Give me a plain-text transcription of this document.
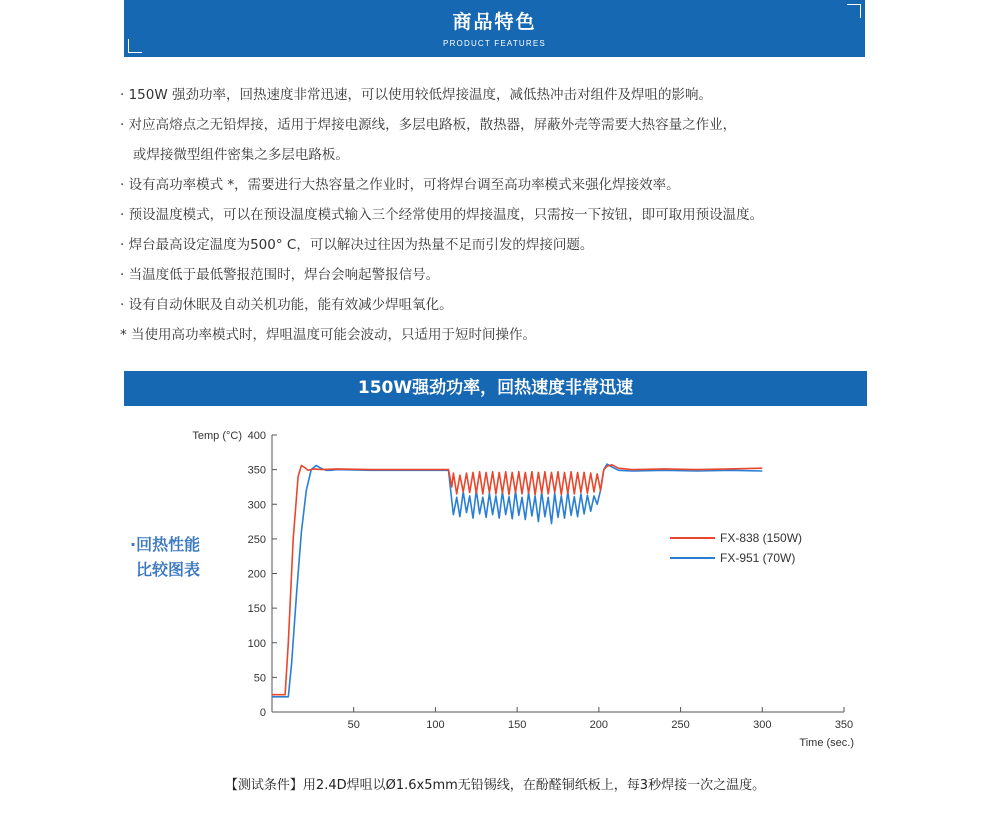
商品特色
PRODUCT FEATURES
· 150W 强劲功率，回热速度非常迅速，可以使用较低焊接温度，减低热冲击对组件及焊咀的影响。
· 对应高熔点之无铅焊接，适用于焊接电源线，多层电路板，散热器，屏蔽外壳等需要大热容量之作业，
或焊接微型组件密集之多层电路板。
· 设有高功率模式 *，需要进行大热容量之作业时，可将焊台调至高功率模式来强化焊接效率。
· 预设温度模式，可以在预设温度模式输入三个经常使用的焊接温度，只需按一下按钮，即可取用预设温度。
· 焊台最高设定温度为500° C，可以解决过往因为热量不足而引发的焊接问题。
· 当温度低于最低警报范围时，焊台会响起警报信号。
· 设有自动休眠及自动关机功能，能有效减少焊咀氧化。
* 当使用高功率模式时，焊咀温度可能会波动，只适用于短时间操作。
150W强劲功率，回热速度非常迅速
·回热性能
比较图表
0
50
100
150
200
250
300
350
400
50	100	150	200	250	300	350
Temp (°C)
Time (sec.)
FX-838 (150W)
FX-951 (70W)
【测试条件】用2.4D焊咀以Ø1.6x5mm无铅锡线，在酚醛铜纸板上，每3秒焊接一次之温度。
